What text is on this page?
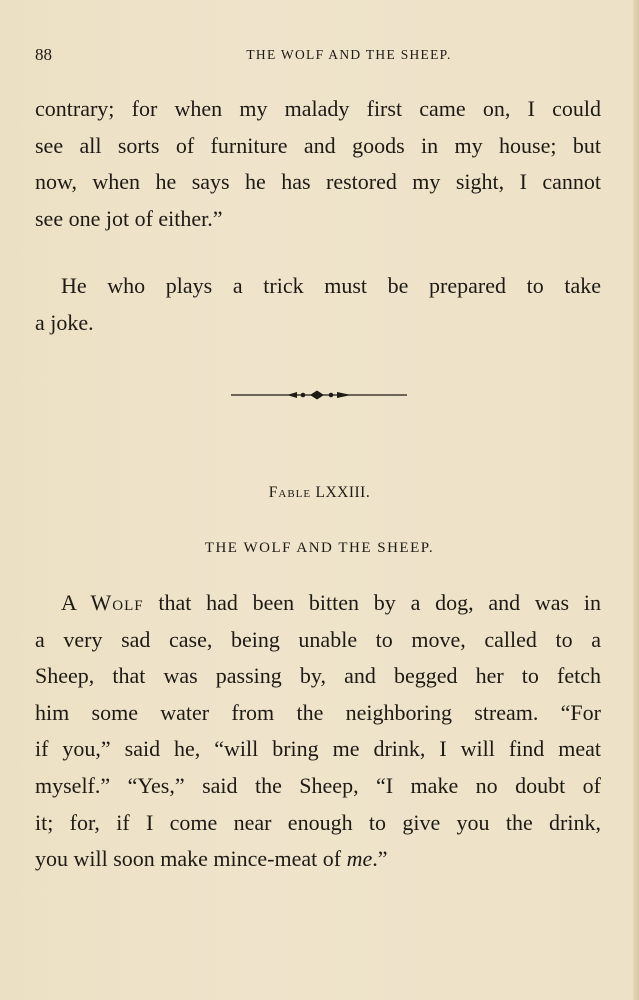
88	THE WOLF AND THE SHEEP.
contrary; for when my malady first came on, I could
see all sorts of furniture and goods in my house; but
now, when he says he has restored my sight, I cannot
see one jot of either.”
He who plays a trick must be prepared to take
a joke.
Fable LXXIII.
THE WOLF AND THE SHEEP.
A Wolf that had been bitten by a dog, and was in
a very sad case, being unable to move, called to a
Sheep, that was passing by, and begged her to fetch
him some water from the neighboring stream. “For
if you,” said he, “will bring me drink, I will find meat
myself.” “Yes,” said the Sheep, “I make no doubt of
it; for, if I come near enough to give you the drink,
you will soon make mince-meat of me.”
